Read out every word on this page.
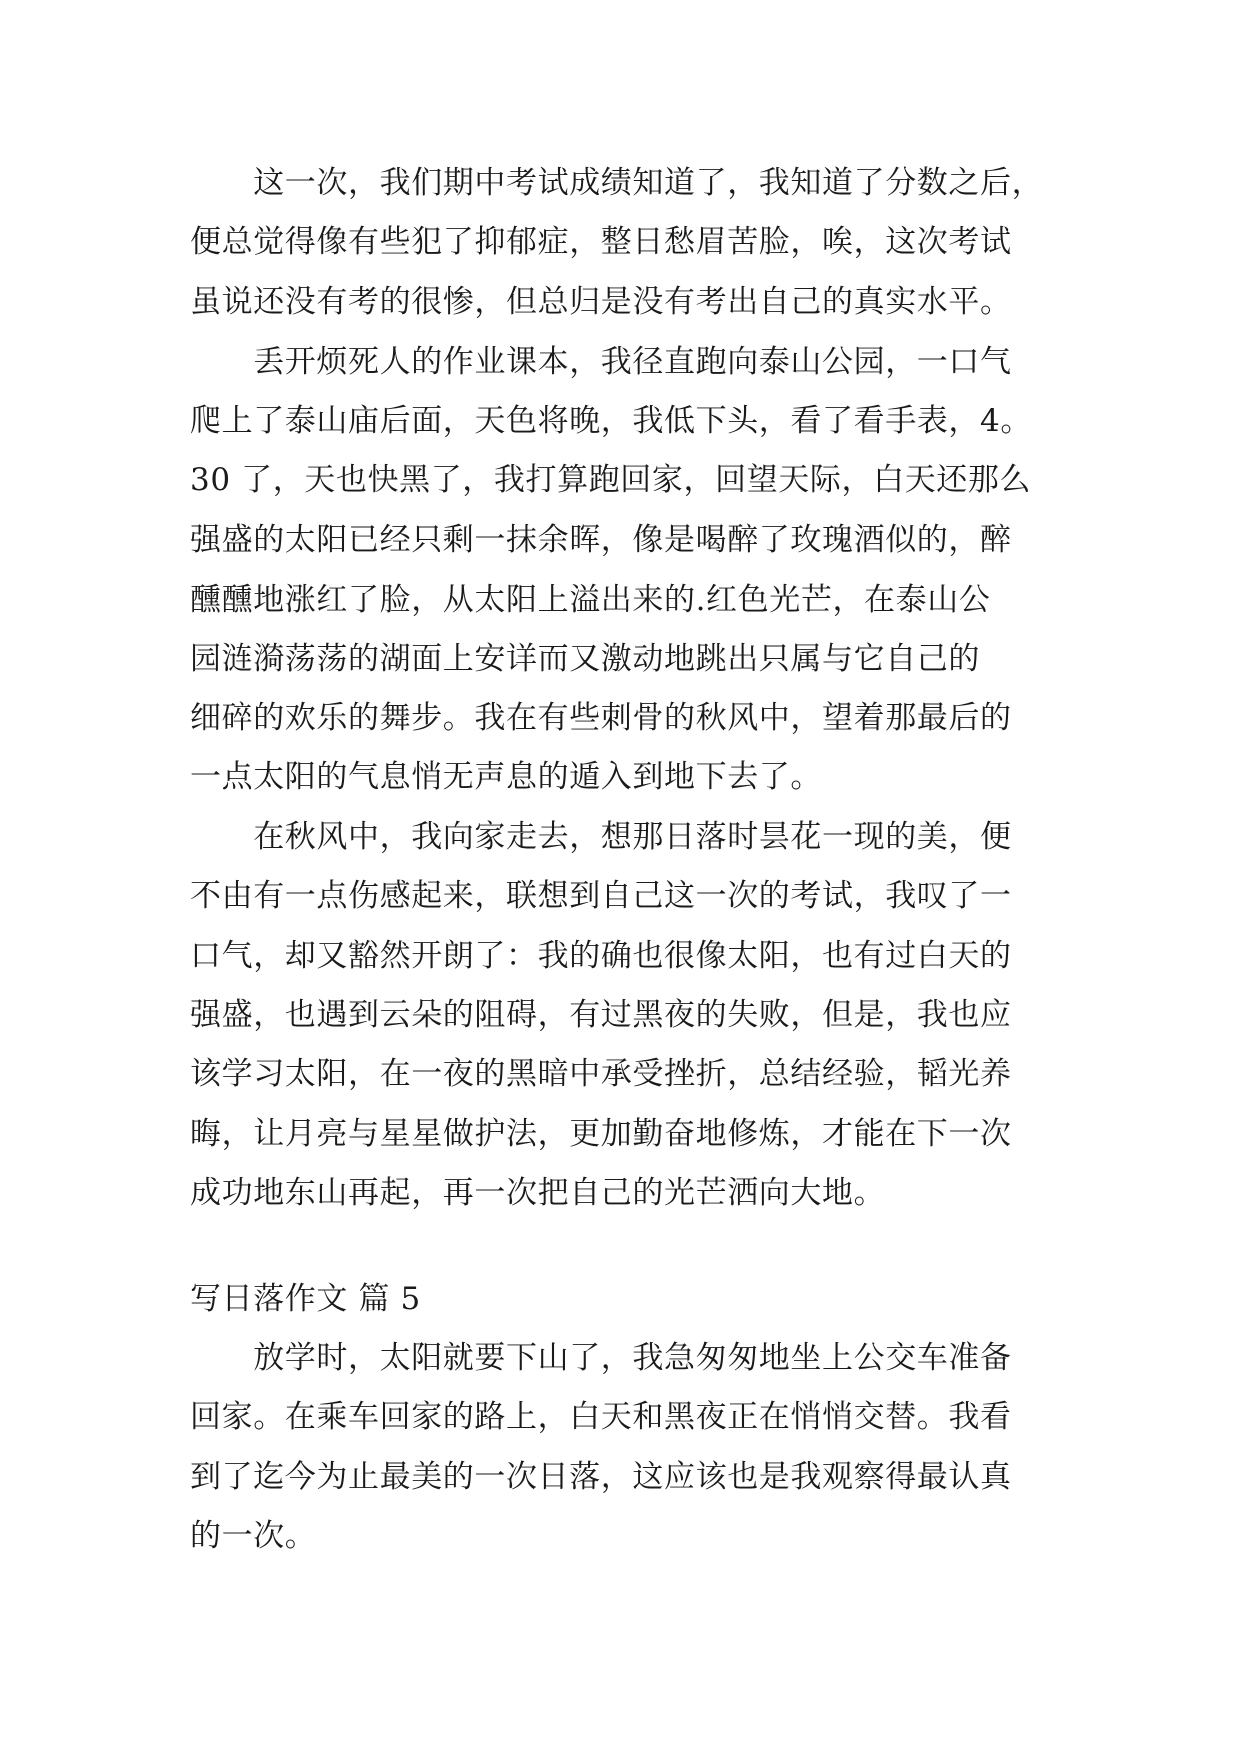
　　这一次，我们期中考试成绩知道了，我知道了分数之后，
便总觉得像有些犯了抑郁症，整日愁眉苦脸，唉，这次考试
虽说还没有考的很惨，但总归是没有考出自己的真实水平。
　　丢开烦死人的作业课本，我径直跑向泰山公园，一口气
爬上了泰山庙后面，天色将晚，我低下头，看了看手表，4。
30 了，天也快黑了，我打算跑回家，回望天际，白天还那么
强盛的太阳已经只剩一抹余晖，像是喝醉了玫瑰酒似的，醉
醺醺地涨红了脸，从太阳上溢出来的.红色光芒，在泰山公
园涟漪荡荡的湖面上安详而又激动地跳出只属与它自己的
细碎的欢乐的舞步。我在有些刺骨的秋风中，望着那最后的
一点太阳的气息悄无声息的遁入到地下去了。
　　在秋风中，我向家走去，想那日落时昙花一现的美，便
不由有一点伤感起来，联想到自己这一次的考试，我叹了一
口气，却又豁然开朗了：我的确也很像太阳，也有过白天的
强盛，也遇到云朵的阻碍，有过黑夜的失败，但是，我也应
该学习太阳，在一夜的黑暗中承受挫折，总结经验，韬光养
晦，让月亮与星星做护法，更加勤奋地修炼，才能在下一次
成功地东山再起，再一次把自己的光芒洒向大地。
写日落作文 篇 5
　　放学时，太阳就要下山了，我急匆匆地坐上公交车准备
回家。在乘车回家的路上，白天和黑夜正在悄悄交替。我看
到了迄今为止最美的一次日落，这应该也是我观察得最认真
的一次。
